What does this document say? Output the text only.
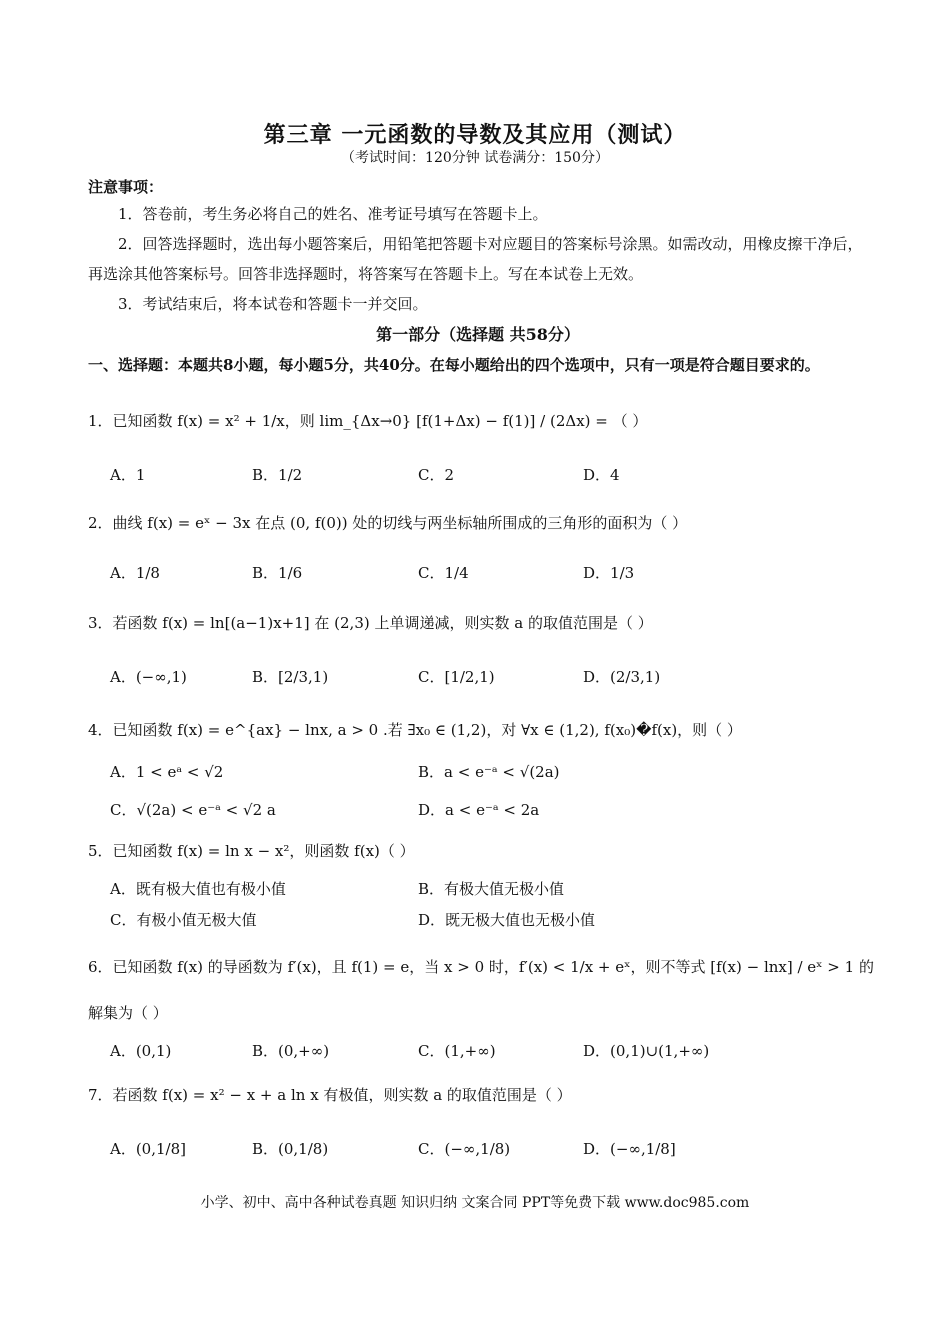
第三章 一元函数的导数及其应用（测试）
（考试时间：120分钟 试卷满分：150分）
注意事项：
1．答卷前，考生务必将自己的姓名、准考证号填写在答题卡上。
2．回答选择题时，选出每小题答案后，用铅笔把答题卡对应题目的答案标号涂黑。如需改动，用橡皮擦干净后，再选涂其他答案标号。回答非选择题时，将答案写在答题卡上。写在本试卷上无效。
3．考试结束后，将本试卷和答题卡一并交回。
第一部分（选择题 共58分）
一、选择题：本题共8小题，每小题5分，共40分。在每小题给出的四个选项中，只有一项是符合题目要求的。
1．已知函数 f(x) = x² + 1/x，则 lim_{Δx→0} [f(1+Δx) − f(1)] / (2Δx) = （ ）
A．1	B．1/2	C．2	D．4
2．曲线 f(x) = eˣ − 3x 在点 (0, f(0)) 处的切线与两坐标轴所围成的三角形的面积为（ ）
A．1/8	B．1/6	C．1/4	D．1/3
3．若函数 f(x) = ln[(a−1)x+1] 在 (2,3) 上单调递减，则实数 a 的取值范围是（ ）
A．(−∞,1)	B．[2/3,1)	C．[1/2,1)	D．(2/3,1)
4．已知函数 f(x) = e^{ax} − lnx, a > 0 .若 ∃x₀ ∈ (1,2)，对 ∀x ∈ (1,2), f(x₀)�f(x)，则（ ）
A．1 < eᵃ < √2	B．a < e⁻ᵃ < √(2a)
C．√(2a) < e⁻ᵃ < √2 a	D．a < e⁻ᵃ < 2a
5．已知函数 f(x) = ln x − x²，则函数 f(x)（ ）
A．既有极大值也有极小值	B．有极大值无极小值
C．有极小值无极大值	D．既无极大值也无极小值
6．已知函数 f(x) 的导函数为 f′(x)，且 f(1) = e，当 x > 0 时，f′(x) < 1/x + eˣ，则不等式 [f(x) − lnx] / eˣ > 1 的
解集为（ ）
A．(0,1)	B．(0,+∞)	C．(1,+∞)	D．(0,1)∪(1,+∞)
7．若函数 f(x) = x² − x + a ln x 有极值，则实数 a 的取值范围是（ ）
A．(0,1/8]	B．(0,1/8)	C．(−∞,1/8)	D．(−∞,1/8]
小学、初中、高中各种试卷真题 知识归纳 文案合同 PPT等免费下载 www.doc985.com
